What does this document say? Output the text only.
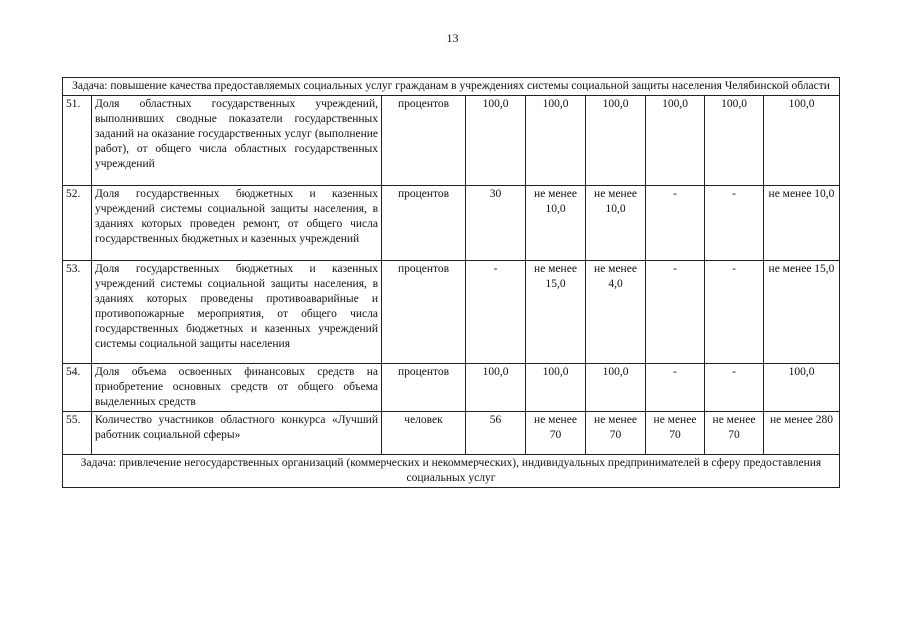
13
Задача: повышение качества предоставляемых социальных услуг гражданам в учреждениях системы социальной защиты населения Челябинской области								
51.	Доля областных государственных учреждений, выполнивших сводные показатели государственных заданий на оказание государственных услуг (выполнение работ), от общего числа областных государственных учреждений	процентов	100,0	100,0	100,0	100,0	100,0	100,0
52.	Доля государственных бюджетных и казенных учреждений системы социальной защиты населения, в зданиях которых проведен ремонт, от общего числа государственных бюджетных и казенных учреждений	процентов	30	не менее 10,0	не менее 10,0	-	-	не менее 10,0
53.	Доля государственных бюджетных и казенных учреждений системы социальной защиты населения, в зданиях которых проведены противоаварийные и противопожарные мероприятия, от общего числа государственных бюджетных и казенных учреждений системы социальной защиты населения	процентов	-	не менее 15,0	не менее 4,0	-	-	не менее 15,0
54.	Доля объема освоенных финансовых средств на приобретение основных средств от общего объема выделенных средств	процентов	100,0	100,0	100,0	-	-	100,0
55.	Количество участников областного конкурса «Лучший работник социальной сферы»	человек	56	не менее 70	не менее 70	не менее 70	не менее 70	не менее 280
Задача: привлечение негосударственных организаций (коммерческих и некоммерческих), индивидуальных предпринимателей в сферу предоставления социальных услуг								
